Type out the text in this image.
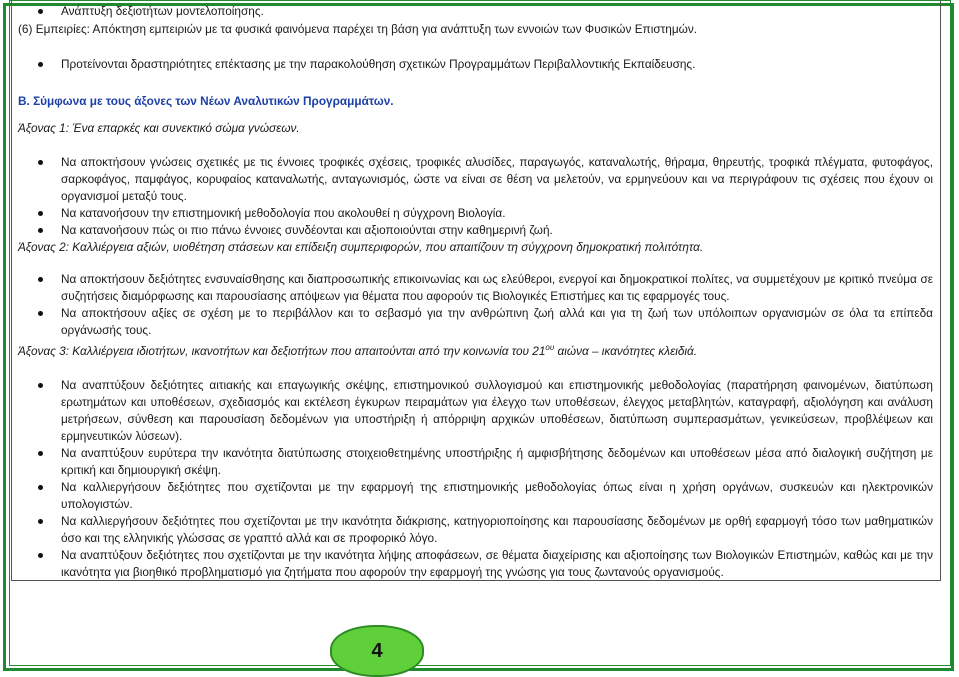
Ανάπτυξη δεξιοτήτων μοντελοποίησης.
(6) Εμπειρίες: Απόκτηση εμπειριών με τα φυσικά φαινόμενα παρέχει τη βάση για ανάπτυξη των εννοιών των Φυσικών Επιστημών.
Προτείνονται δραστηριότητες επέκτασης με την παρακολούθηση σχετικών Προγραμμάτων Περιβαλλοντικής Εκπαίδευσης.
Β. Σύμφωνα με τους άξονες των Νέων Αναλυτικών Προγραμμάτων.
Άξονας 1: Ένα επαρκές και συνεκτικό σώμα γνώσεων.
Να αποκτήσουν γνώσεις σχετικές με τις έννοιες τροφικές σχέσεις, τροφικές αλυσίδες, παραγωγός, καταναλωτής, θήραμα, θηρευτής, τροφικά πλέγματα, φυτοφάγος, σαρκοφάγος, παμφάγος, κορυφαίος καταναλωτής, ανταγωνισμός, ώστε να είναι σε θέση να μελετούν, να ερμηνεύουν και να περιγράφουν τις σχέσεις που έχουν οι οργανισμοί μεταξύ τους.
Να κατανοήσουν την επιστημονική μεθοδολογία που ακολουθεί η σύγχρονη Βιολογία.
Να κατανοήσουν πώς οι πιο πάνω έννοιες συνδέονται και αξιοποιούνται στην καθημερινή ζωή.
Άξονας 2: Καλλιέργεια αξιών, υιοθέτηση στάσεων και επίδειξη συμπεριφορών, που απαιτίζουν τη σύγχρονη δημοκρατική πολιτότητα.
Να αποκτήσουν δεξιότητες ενσυναίσθησης και διαπροσωπικής επικοινωνίας και ως ελεύθεροι, ενεργοί και δημοκρατικοί πολίτες, να συμμετέχουν με κριτικό πνεύμα σε συζητήσεις διαμόρφωσης και παρουσίασης απόψεων για θέματα που αφορούν τις Βιολογικές Επιστήμες και τις εφαρμογές τους.
Να αποκτήσουν αξίες σε σχέση με το περιβάλλον και το σεβασμό για την ανθρώπινη ζωή αλλά και για τη ζωή των υπόλοιπων οργανισμών σε όλα τα επίπεδα οργάνωσής τους.
Άξονας 3: Καλλιέργεια ιδιοτήτων, ικανοτήτων και δεξιοτήτων που απαιτούνται από την κοινωνία του $21^{o\upsilon}$ αιώνα – ικανότητες κλειδιά.
Να αναπτύξουν δεξιότητες αιτιακής και επαγωγικής σκέψης, επιστημονικού συλλογισμού και επιστημονικής μεθοδολογίας (παρατήρηση φαινομένων, διατύπωση ερωτημάτων και υποθέσεων, σχεδιασμός και εκτέλεση έγκυρων πειραμάτων για έλεγχο των υποθέσεων, έλεγχος μεταβλητών, καταγραφή, αξιολόγηση και ανάλυση μετρήσεων, σύνθεση και παρουσίαση δεδομένων για υποστήριξη ή απόρριψη αρχικών υποθέσεων, διατύπωση συμπερασμάτων, γενικεύσεων, προβλέψεων και ερμηνευτικών λύσεων).
Να αναπτύξουν ευρύτερα την ικανότητα διατύπωσης στοιχειοθετημένης υποστήριξης ή αμφισβήτησης δεδομένων και υποθέσεων μέσα από διαλογική συζήτηση με κριτική και δημιουργική σκέψη.
Να καλλιεργήσουν δεξιότητες που σχετίζονται με την εφαρμογή της επιστημονικής μεθοδολογίας όπως είναι η χρήση οργάνων, συσκευών και ηλεκτρονικών υπολογιστών.
Να καλλιεργήσουν δεξιότητες που σχετίζονται με την ικανότητα διάκρισης, κατηγοριοποίησης και παρουσίασης δεδομένων με ορθή εφαρμογή τόσο των μαθηματικών όσο και της ελληνικής γλώσσας σε γραπτό αλλά και σε προφορικό λόγο.
Να αναπτύξουν δεξιότητες που σχετίζονται με την ικανότητα λήψης αποφάσεων, σε θέματα διαχείρισης και αξιοποίησης των Βιολογικών Επιστημών, καθώς και με την ικανότητα για βιοηθικό προβληματισμό για ζητήματα που αφορούν την εφαρμογή της γνώσης για τους ζωντανούς οργανισμούς.
4
